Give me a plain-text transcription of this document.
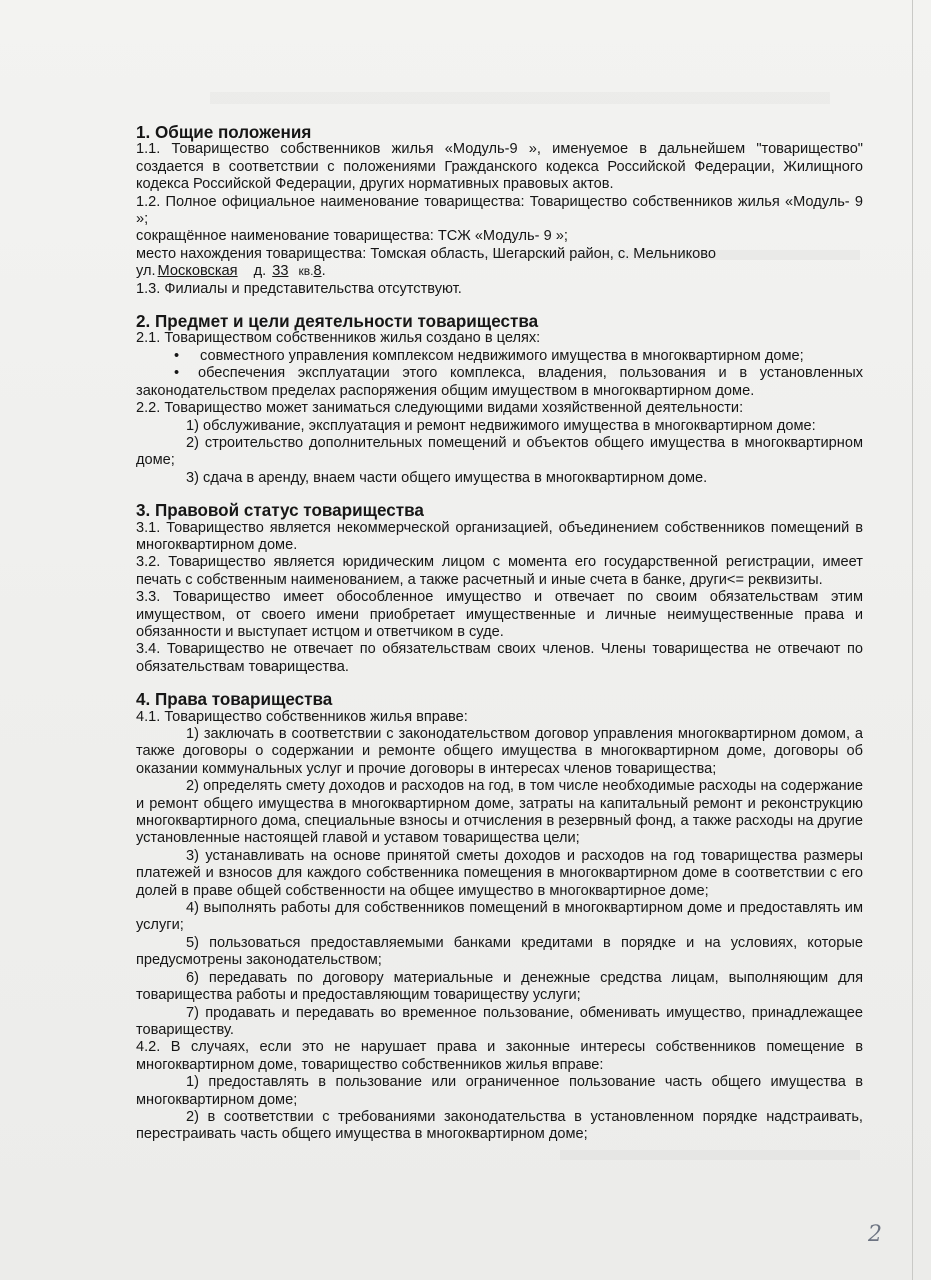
1. Общие положения

1.1. Товарищество собственников жилья «Модуль-9 », именуемое в дальнейшем "товарищество" создается в соответствии с положениями Гражданского кодекса Российской Федерации, Жилищного кодекса Российской Федерации, других нормативных правовых актов.

1.2. Полное официальное наименование товарищества: Товарищество собственников жилья «Модуль- 9 »;

сокращённое наименование товарищества: ТСЖ «Модуль- 9 »;

место нахождения товарищества: Томская область, Шегарский район, с. Мельниково

ул. Московская д. 33 кв.8.

1.3. Филиалы и представительства отсутствуют.

2. Предмет и цели деятельности товарищества

2.1. Товариществом собственников жилья создано в целях:

•	совместного управления комплексом недвижимого имущества в многоквартирном доме;

•	обеспечения эксплуатации этого комплекса, владения, пользования и в установленных законодательством пределах распоряжения общим имуществом в многоквартирном доме.

2.2. Товарищество может заниматься следующими видами хозяйственной деятельности:

1) обслуживание, эксплуатация и ремонт недвижимого имущества в многоквартирном доме:

2) строительство дополнительных помещений и объектов общего имущества в многоквартирном доме;

3) сдача в аренду, внаем части общего имущества в многоквартирном доме.

3. Правовой статус товарищества

3.1. Товарищество является некоммерческой организацией, объединением собственников помещений в многоквартирном доме.

3.2. Товарищество является юридическим лицом с момента его государственной регистрации, имеет печать с собственным наименованием, а также расчетный и иные счета в банке, други<= реквизиты.

3.3. Товарищество имеет обособленное имущество и отвечает по своим обязательствам этим имуществом, от своего имени приобретает имущественные и личные неимущественные права и обязанности и выступает истцом и ответчиком в суде.

3.4. Товарищество не отвечает по обязательствам своих членов. Члены товарищества не отвечают по обязательствам товарищества.

4. Права товарищества

4.1. Товарищество собственников жилья вправе:

1) заключать в соответствии с законодательством договор управления многоквартирном домом, а также договоры о содержании и ремонте общего имущества в многоквартирном доме, договоры об оказании коммунальных услуг и прочие договоры в интересах членов товарищества;

2) определять смету доходов и расходов на год, в том числе необходимые расходы на содержание и ремонт общего имущества в многоквартирном доме, затраты на капитальный ремонт и реконструкцию многоквартирного дома, специальные взносы и отчисления в резервный фонд, а также расходы на другие установленные настоящей главой и уставом товарищества цели;

3) устанавливать на основе принятой сметы доходов и расходов на год товарищества размеры платежей и взносов для каждого собственника помещения в многоквартирном доме в соответствии с его долей в праве общей собственности на общее имущество в многоквартирное доме;

4) выполнять работы для собственников помещений в многоквартирном доме и предоставлять им услуги;

5) пользоваться предоставляемыми банками кредитами в порядке и на условиях, которые предусмотрены законодательством;

6) передавать по договору материальные и денежные средства лицам, выполняющим для товарищества работы и предоставляющим товариществу услуги;

7) продавать и передавать во временное пользование, обменивать имущество, принадлежащее товариществу.

4.2. В случаях, если это не нарушает права и законные интересы собственников помещение в многоквартирном доме, товарищество собственников жилья вправе:

1) предоставлять в пользование или ограниченное пользование часть общего имущества в многоквартирном доме;

2) в соответствии с требованиями законодательства в установленном порядке надстраивать, перестраивать часть общего имущества в многоквартирном доме;

2
